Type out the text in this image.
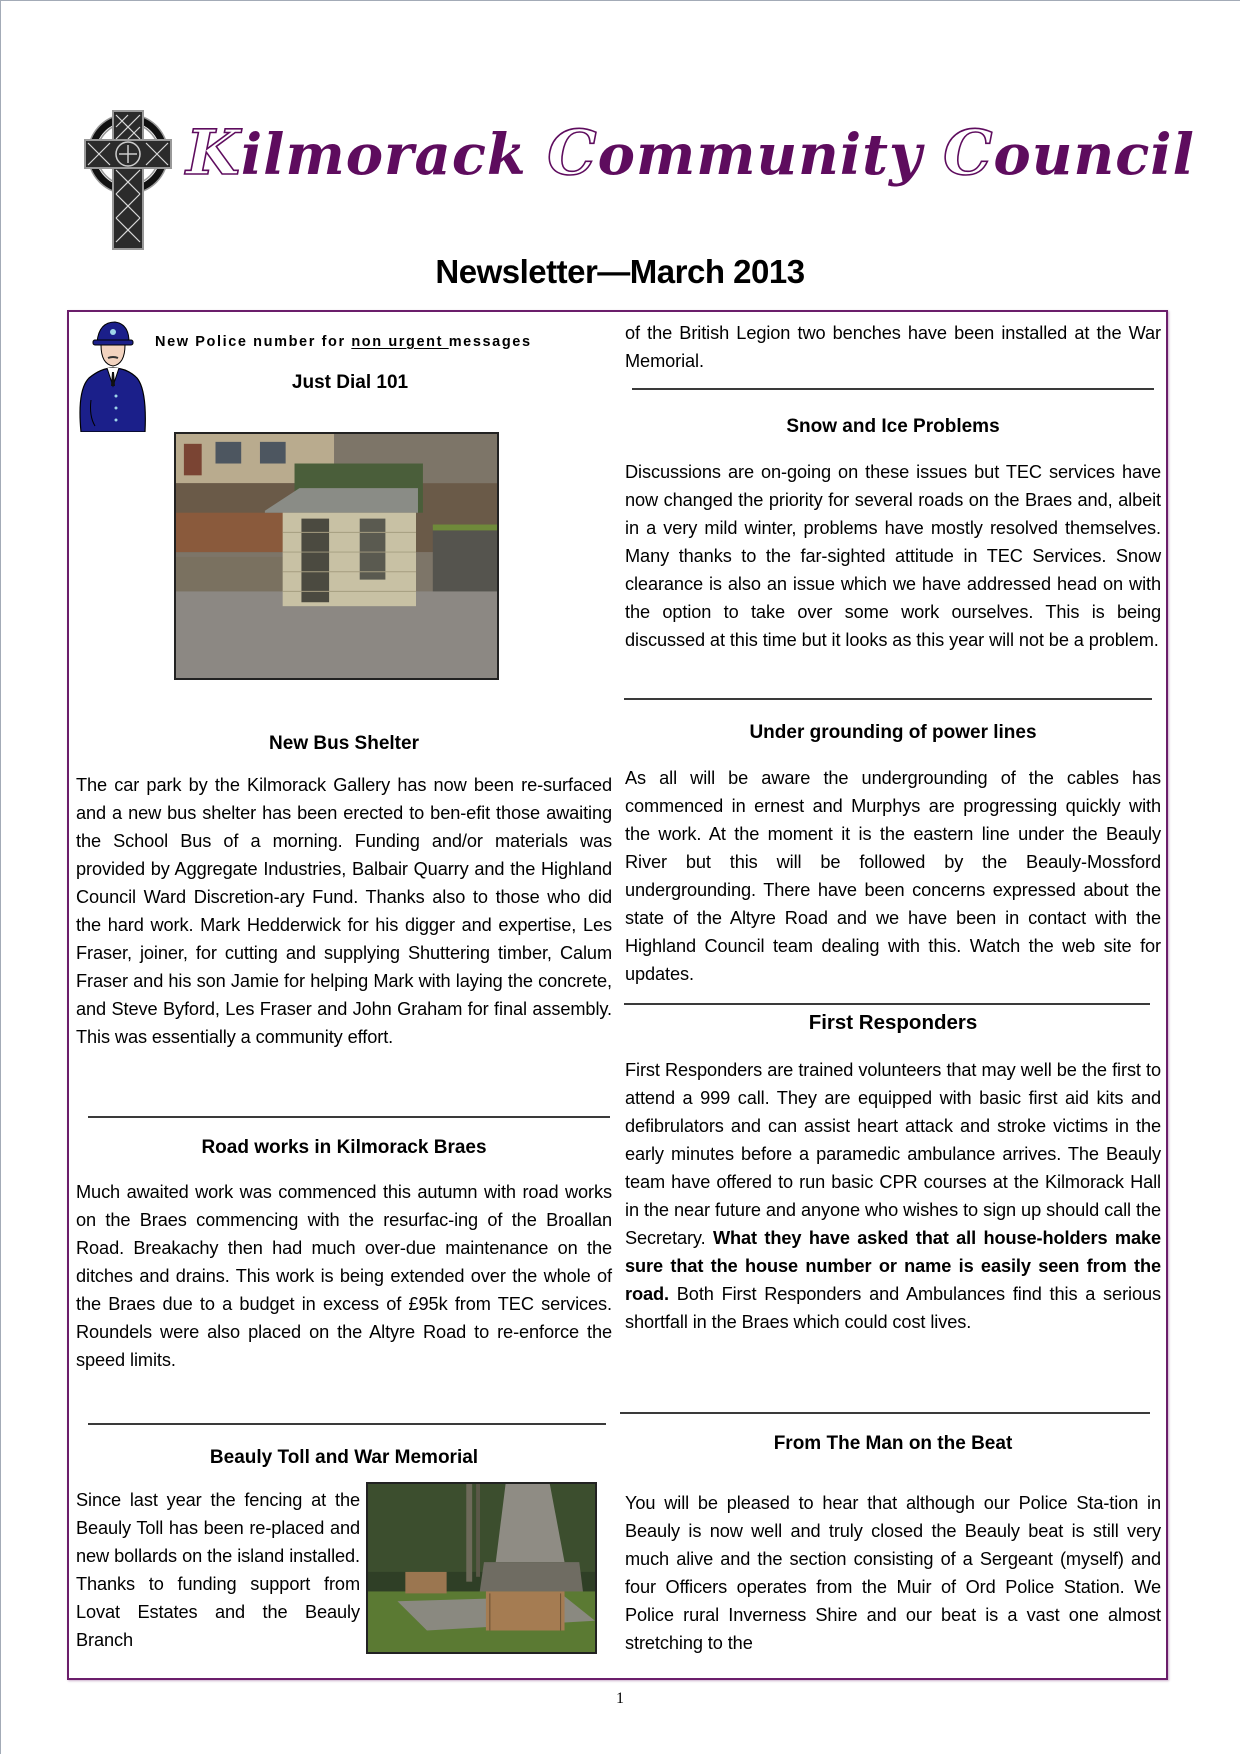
Kilmorack Community Council
Newsletter—March 2013
New Police number for non urgent messages
Just Dial 101
New Bus Shelter
The car park by the Kilmorack Gallery has now been re-surfaced and a new bus shelter has been erected to ben-efit those awaiting the School Bus of a morning. Funding and/or materials was provided by Aggregate Industries, Balbair Quarry and the Highland Council Ward Discretion-ary Fund. Thanks also to those who did the hard work. Mark Hedderwick for his digger and expertise, Les Fraser, joiner, for cutting and supplying Shuttering timber, Calum Fraser and his son Jamie for helping Mark with laying the concrete, and Steve Byford, Les Fraser and John Graham for final assembly. This was essentially a community effort.
Road works in Kilmorack Braes
Much awaited work was commenced this autumn with road works on the Braes commencing with the resurfac-ing of the Broallan Road. Breakachy then had much over-due maintenance on the ditches and drains. This work is being extended over the whole of the Braes due to a budget in excess of £95k from TEC services. Roundels were also placed on the Altyre Road to re-enforce the speed limits.
Beauly Toll and War Memorial
Since last year the fencing at the Beauly Toll has been re-placed and new bollards on the island installed. Thanks to funding support from Lovat Estates and the Beauly Branch
of the British Legion two benches have been installed at the War Memorial.
Snow and Ice Problems
Discussions are on-going on these issues but TEC services have now changed the priority for several roads on the Braes and, albeit in a very mild winter, problems have mostly resolved themselves. Many thanks to the far-sighted attitude in TEC Services. Snow clearance is also an issue which we have addressed head on with the option to take over some work ourselves. This is being discussed at this time but it looks as this year will not be a problem.
Under grounding of power lines
As all will be aware the undergrounding of the cables has commenced in ernest and Murphys are progressing quickly with the work. At the moment it is the eastern line under the Beauly River but this will be followed by the Beauly-Mossford undergrounding. There have been concerns expressed about the state of the Altyre Road and we have been in contact with the Highland Council team dealing with this. Watch the web site for updates.
First Responders
First Responders are trained volunteers that may well be the first to attend a 999 call. They are equipped with basic first aid kits and defibrulators and can assist heart attack and stroke victims in the early minutes before a paramedic ambulance arrives. The Beauly team have offered to run basic CPR courses at the Kilmorack Hall in the near future and anyone who wishes to sign up should call the Secretary. What they have asked that all house-holders make sure that the house number or name is easily seen from the road. Both First Responders and Ambulances find this a serious shortfall in the Braes which could cost lives.
From The Man on the Beat
You will be pleased to hear that although our Police Sta-tion in Beauly is now well and truly closed the Beauly beat is still very much alive and the section consisting of a Sergeant (myself) and four Officers operates from the Muir of Ord Police Station. We Police rural Inverness Shire and our beat is a vast one almost stretching to the
1
